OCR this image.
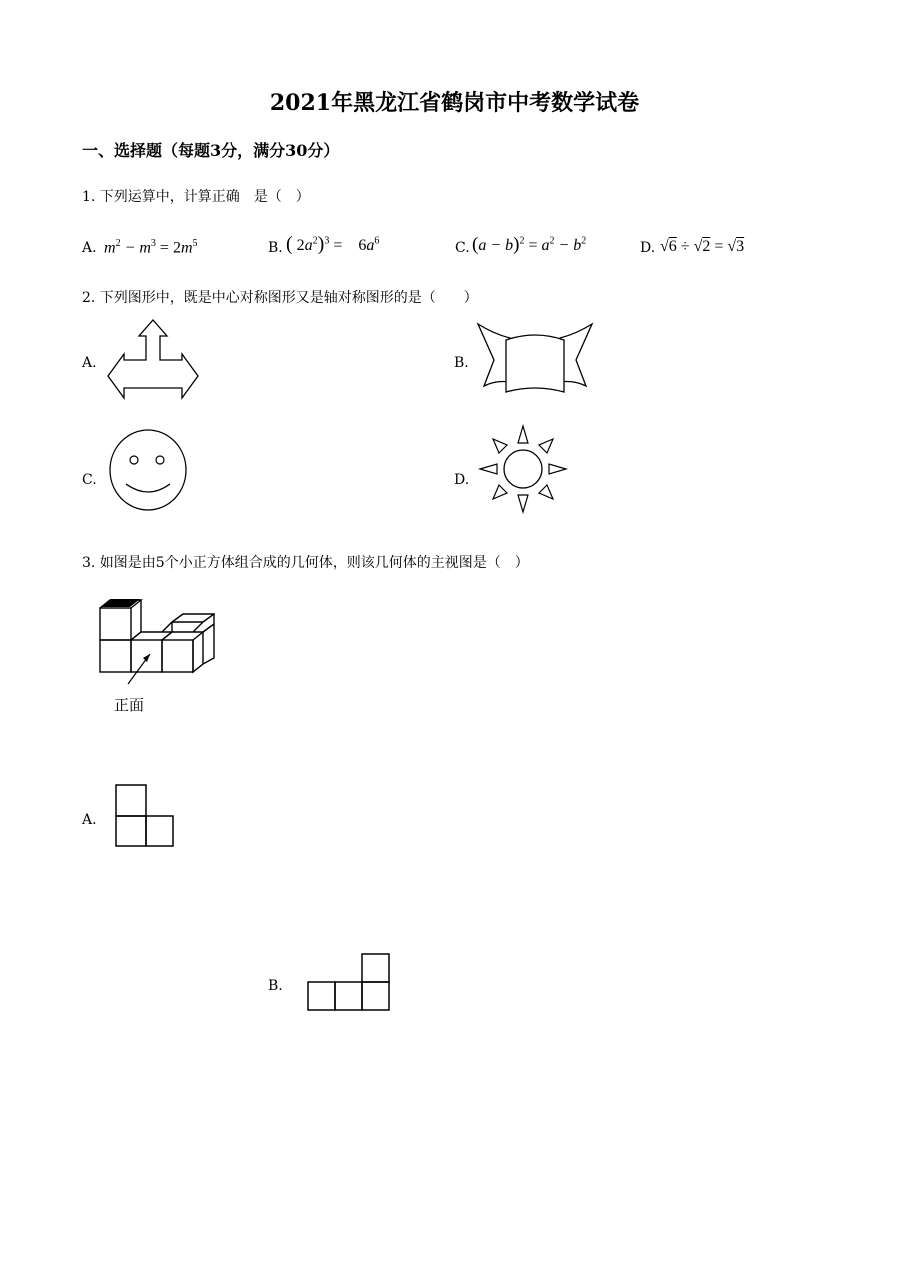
2021年黑龙江省鹤岗市中考数学试卷
一、选择题（每题3分，满分30分）
1. 下列运算中，计算正确　是（　）
A. $m^2 - m^3 = 2m^5$	B. ( $2a^2)^3$ =　$6a^6$	C. $(a - b)^2 = a^2 - b^2$	D. √6 ÷ √2 = √3
2. 下列图形中，既是中心对称图形又是轴对称图形的是（　　）
A.	B.
C.	D.
3. 如图是由5个小正方体组合成的几何体，则该几何体的主视图是（　）
正面
A.
B.
